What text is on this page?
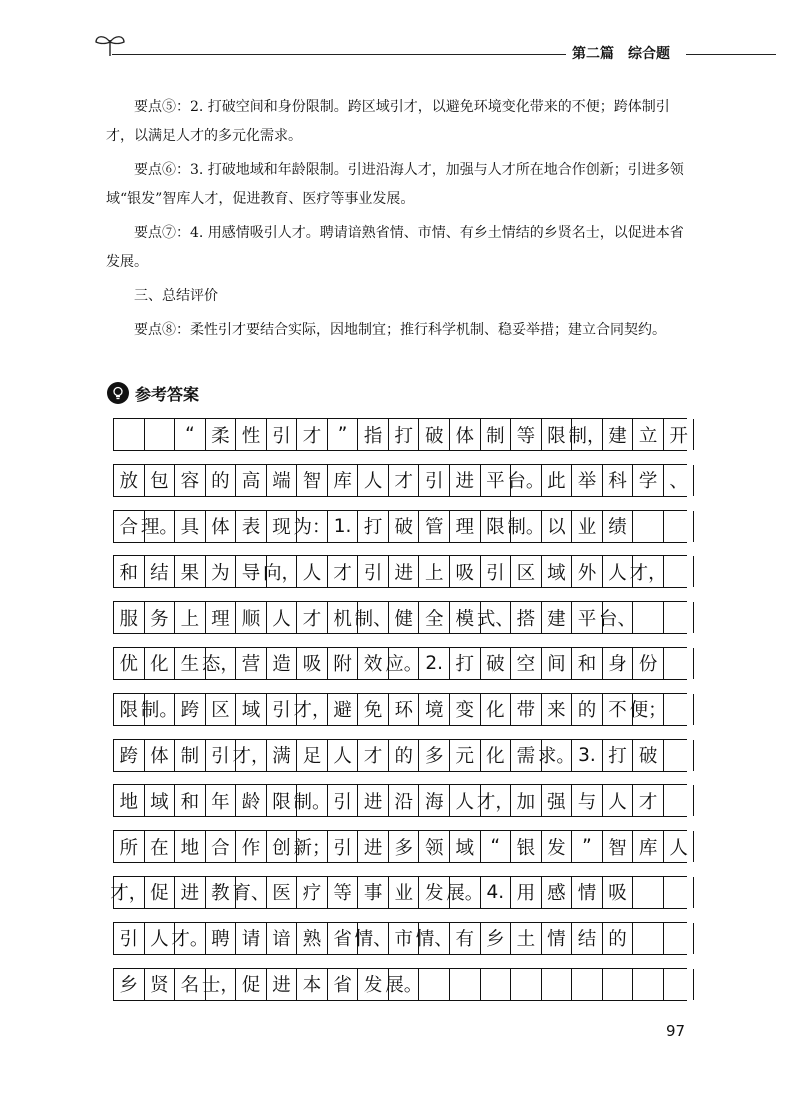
第二篇　综合题

要点⑤：2. 打破空间和身份限制。跨区域引才，以避免环境变化带来的不便；跨体制引才，以满足人才的多元化需求。

要点⑥：3. 打破地域和年龄限制。引进沿海人才，加强与人才所在地合作创新；引进多领域“银发”智库人才，促进教育、医疗等事业发展。

要点⑦：4. 用感情吸引人才。聘请谙熟省情、市情、有乡土情结的乡贤名士，以促进本省发展。

三、总结评价

要点⑧：柔性引才要结合实际，因地制宜；推行科学机制、稳妥举措；建立合同契约。

参考答案
“ 柔 性 引 才 ” 指 打 破 体 制 等 限 制， 建 立 开
放 包 容 的 高 端 智 库 人 才 引 进 平 台。 此 举 科 学 、
合 理。 具 体 表 现 为： 1. 打 破 管 理 限 制。 以 业 绩
和 结 果 为 导 向， 人 才 引 进 上 吸 引 区 域 外 人 才，
服 务 上 理 顺 人 才 机 制、 健 全 模 式、 搭 建 平 台、
优 化 生 态， 营 造 吸 附 效 应。 2. 打 破 空 间 和 身 份
限 制。 跨 区 域 引 才， 避 免 环 境 变 化 带 来 的 不 便；
跨 体 制 引 才， 满 足 人 才 的 多 元 化 需 求。 3. 打 破
地 域 和 年 龄 限 制。 引 进 沿 海 人 才， 加 强 与 人 才
所 在 地 合 作 创 新； 引 进 多 领 域 “ 银 发 ” 智 库 人
才， 促 进 教 育、 医 疗 等 事 业 发 展。 4. 用 感 情 吸
引 人 才。 聘 请 谙 熟 省 情、 市 情、 有 乡 土 情 结 的
乡 贤 名 士， 促 进 本 省 发 展。
97
